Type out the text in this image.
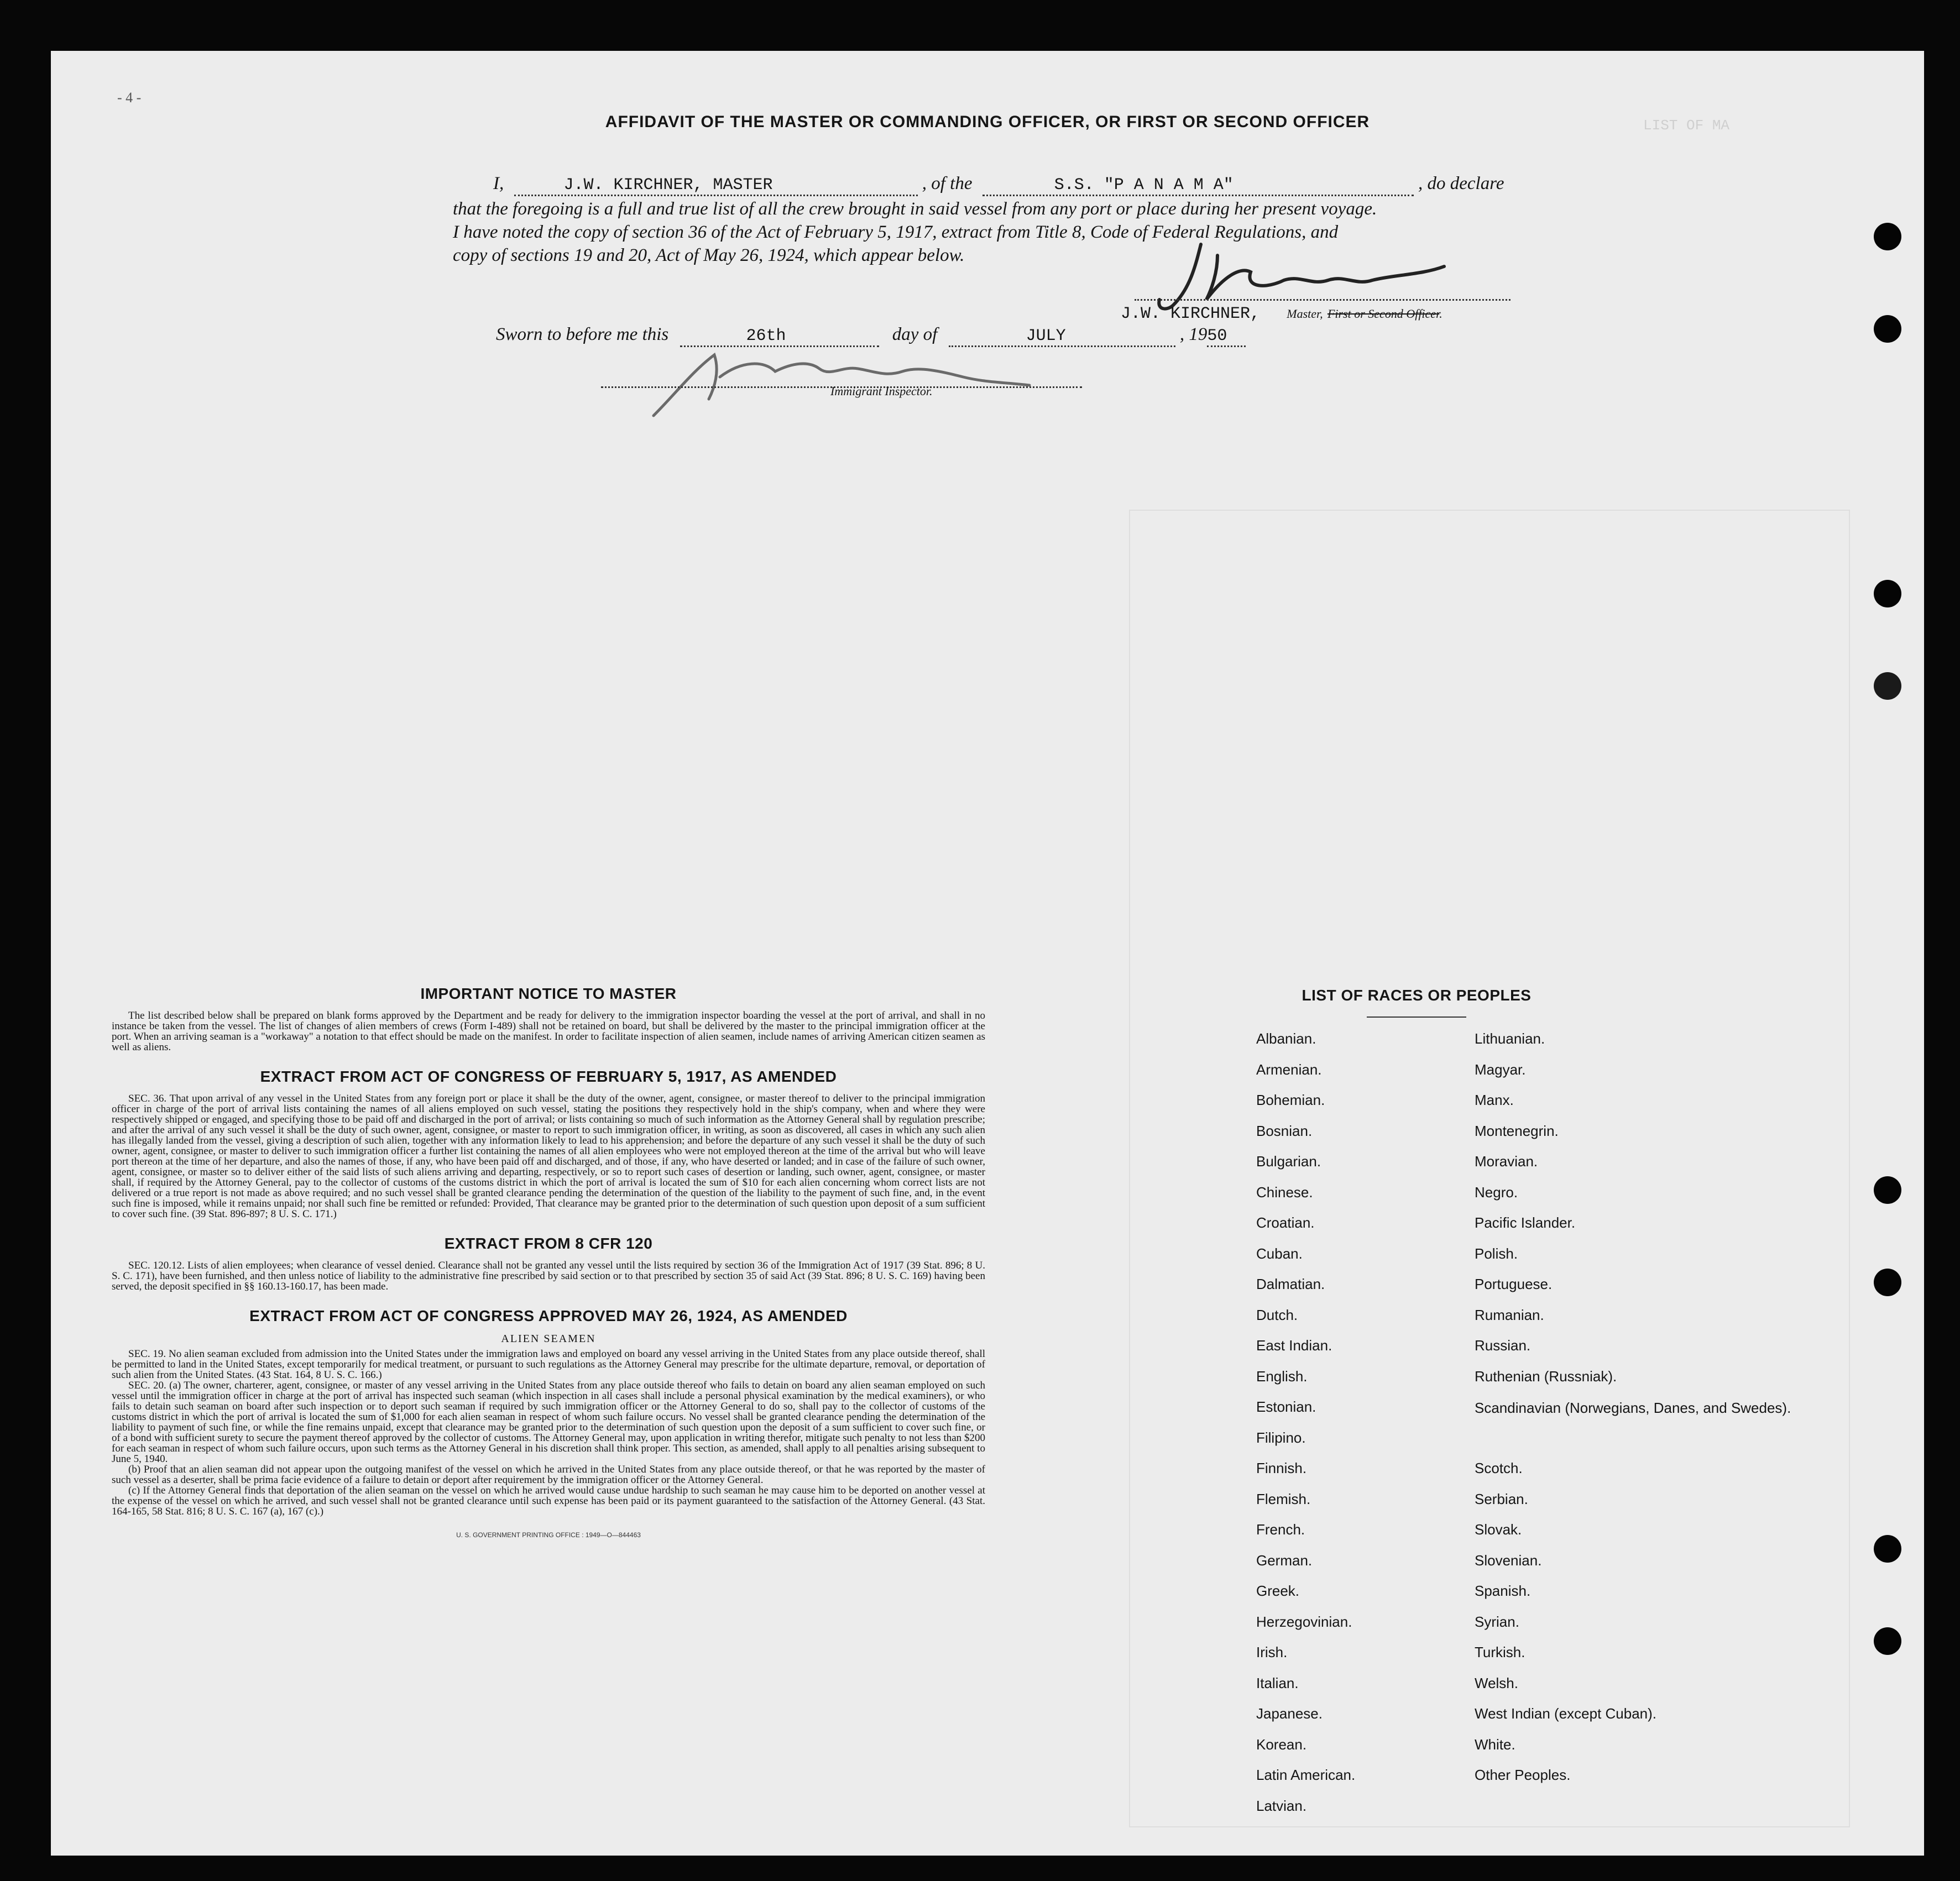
LIST OF MA
- 4 -
AFFIDAVIT OF THE MASTER OR COMMANDING OFFICER, OR FIRST OR SECOND OFFICER
I,	J.W. KIRCHNER, MASTER	, of the	S.S. "P A N A M A"	, do declare
that the foregoing is a full and true list of all the crew brought in said vessel from any port or place during her present voyage.
I have noted the copy of section 36 of the Act of February 5, 1917, extract from Title 8, Code of Federal Regulations, and
copy of sections 19 and 20, Act of May 26, 1924, which appear below.
J.W. KIRCHNER, Master, First or Second Officer.
Sworn to before me this	26th	day of	JULY	, 1950
Immigrant Inspector.
IMPORTANT NOTICE TO MASTER

The list described below shall be prepared on blank forms approved by the Department and be ready for delivery to the immigration inspector boarding the vessel at the port of arrival, and shall in no instance be taken from the vessel. The list of changes of alien members of crews (Form I-489) shall not be retained on board, but shall be delivered by the master to the principal immigration officer at the port. When an arriving seaman is a "workaway" a notation to that effect should be made on the manifest. In order to facilitate inspection of alien seamen, include names of arriving American citizen seamen as well as aliens.

EXTRACT FROM ACT OF CONGRESS OF FEBRUARY 5, 1917, AS AMENDED

SEC. 36. That upon arrival of any vessel in the United States from any foreign port or place it shall be the duty of the owner, agent, consignee, or master thereof to deliver to the principal immigration officer in charge of the port of arrival lists containing the names of all aliens employed on such vessel, stating the positions they respectively hold in the ship's company, when and where they were respectively shipped or engaged, and specifying those to be paid off and discharged in the port of arrival; or lists containing so much of such information as the Attorney General shall by regulation prescribe; and after the arrival of any such vessel it shall be the duty of such owner, agent, consignee, or master to report to such immigration officer, in writing, as soon as discovered, all cases in which any such alien has illegally landed from the vessel, giving a description of such alien, together with any information likely to lead to his apprehension; and before the departure of any such vessel it shall be the duty of such owner, agent, consignee, or master to deliver to such immigration officer a further list containing the names of all alien employees who were not employed thereon at the time of the arrival but who will leave port thereon at the time of her departure, and also the names of those, if any, who have been paid off and discharged, and of those, if any, who have deserted or landed; and in case of the failure of such owner, agent, consignee, or master so to deliver either of the said lists of such aliens arriving and departing, respectively, or so to report such cases of desertion or landing, such owner, agent, consignee, or master shall, if required by the Attorney General, pay to the collector of customs of the customs district in which the port of arrival is located the sum of $10 for each alien concerning whom correct lists are not delivered or a true report is not made as above required; and no such vessel shall be granted clearance pending the determination of the question of the liability to the payment of such fine, and, in the event such fine is imposed, while it remains unpaid; nor shall such fine be remitted or refunded: Provided, That clearance may be granted prior to the determination of such question upon deposit of a sum sufficient to cover such fine. (39 Stat. 896-897; 8 U. S. C. 171.)

EXTRACT FROM 8 CFR 120

SEC. 120.12. Lists of alien employees; when clearance of vessel denied. Clearance shall not be granted any vessel until the lists required by section 36 of the Immigration Act of 1917 (39 Stat. 896; 8 U. S. C. 171), have been furnished, and then unless notice of liability to the administrative fine prescribed by said section or to that prescribed by section 35 of said Act (39 Stat. 896; 8 U. S. C. 169) having been served, the deposit specified in §§ 160.13-160.17, has been made.

EXTRACT FROM ACT OF CONGRESS APPROVED MAY 26, 1924, AS AMENDED
ALIEN SEAMEN

SEC. 19. No alien seaman excluded from admission into the United States under the immigration laws and employed on board any vessel arriving in the United States from any place outside thereof, shall be permitted to land in the United States, except temporarily for medical treatment, or pursuant to such regulations as the Attorney General may prescribe for the ultimate departure, removal, or deportation of such alien from the United States. (43 Stat. 164, 8 U. S. C. 166.)

SEC. 20. (a) The owner, charterer, agent, consignee, or master of any vessel arriving in the United States from any place outside thereof who fails to detain on board any alien seaman employed on such vessel until the immigration officer in charge at the port of arrival has inspected such seaman (which inspection in all cases shall include a personal physical examination by the medical examiners), or who fails to detain such seaman on board after such inspection or to deport such seaman if required by such immigration officer or the Attorney General to do so, shall pay to the collector of customs of the customs district in which the port of arrival is located the sum of $1,000 for each alien seaman in respect of whom such failure occurs. No vessel shall be granted clearance pending the determination of the liability to payment of such fine, or while the fine remains unpaid, except that clearance may be granted prior to the determination of such question upon the deposit of a sum sufficient to cover such fine, or of a bond with sufficient surety to secure the payment thereof approved by the collector of customs. The Attorney General may, upon application in writing therefor, mitigate such penalty to not less than $200 for each seaman in respect of whom such failure occurs, upon such terms as the Attorney General in his discretion shall think proper. This section, as amended, shall apply to all penalties arising subsequent to June 5, 1940.

(b) Proof that an alien seaman did not appear upon the outgoing manifest of the vessel on which he arrived in the United States from any place outside thereof, or that he was reported by the master of such vessel as a deserter, shall be prima facie evidence of a failure to detain or deport after requirement by the immigration officer or the Attorney General.

(c) If the Attorney General finds that deportation of the alien seaman on the vessel on which he arrived would cause undue hardship to such seaman he may cause him to be deported on another vessel at the expense of the vessel on which he arrived, and such vessel shall not be granted clearance until such expense has been paid or its payment guaranteed to the satisfaction of the Attorney General. (43 Stat. 164-165, 58 Stat. 816; 8 U. S. C. 167 (a), 167 (c).)

U. S. GOVERNMENT PRINTING OFFICE : 1949—O—844463
LIST OF RACES OR PEOPLES
Albanian.
Armenian.
Bohemian.
Bosnian.
Bulgarian.
Chinese.
Croatian.
Cuban.
Dalmatian.
Dutch.
East Indian.
English.
Estonian.
Filipino.
Finnish.
Flemish.
French.
German.
Greek.
Herzegovinian.
Irish.
Italian.
Japanese.
Korean.
Latin American.
Latvian.
Lithuanian.
Magyar.
Manx.
Montenegrin.
Moravian.
Negro.
Pacific Islander.
Polish.
Portuguese.
Rumanian.
Russian.
Ruthenian (Russniak).
Scandinavian (Norwegians, Danes, and Swedes).
Scotch.
Serbian.
Slovak.
Slovenian.
Spanish.
Syrian.
Turkish.
Welsh.
West Indian (except Cuban).
White.
Other Peoples.
